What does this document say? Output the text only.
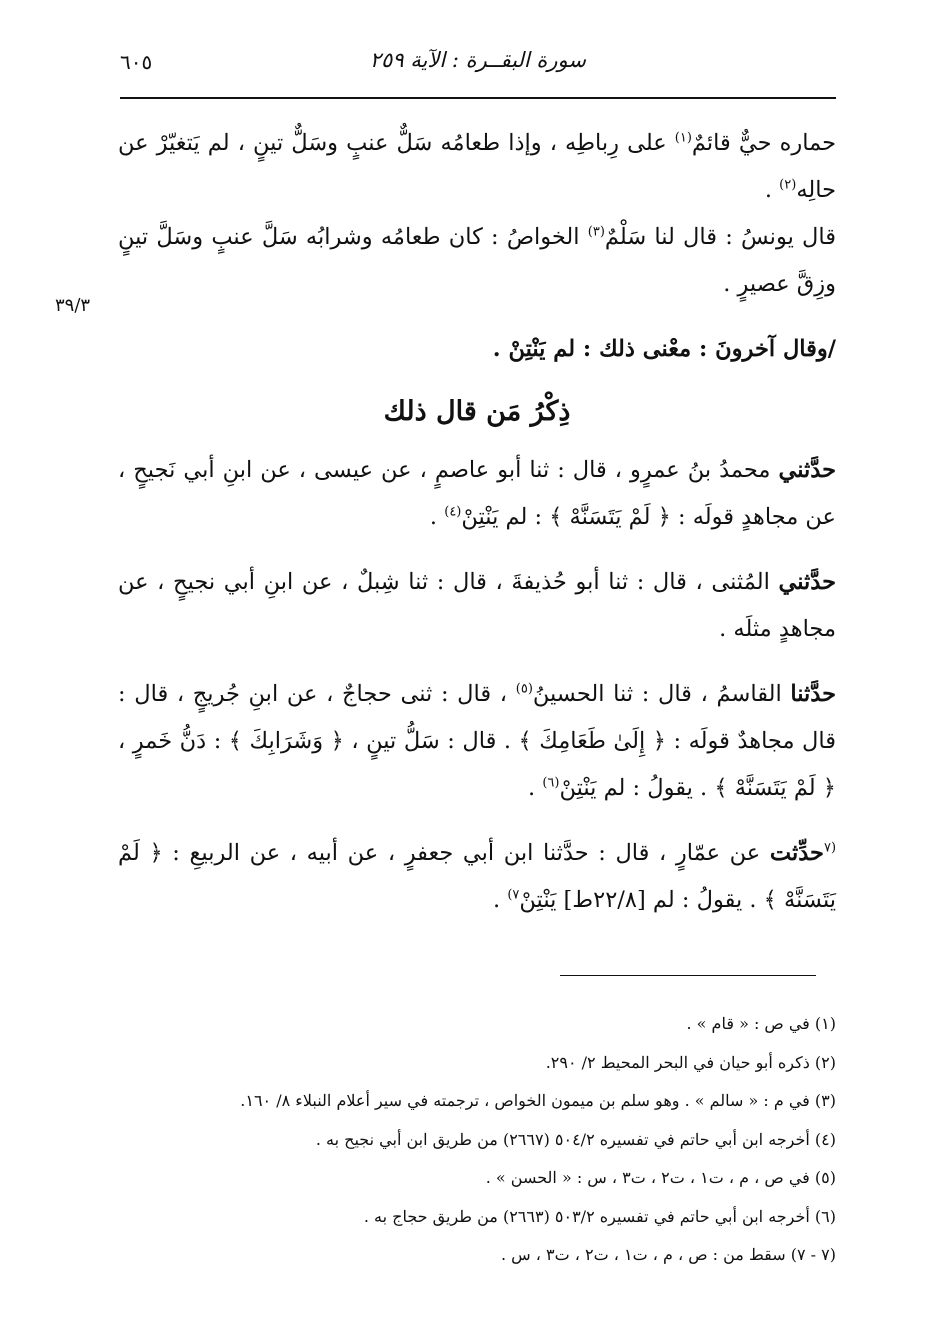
٦٠٥	سورة البقــرة : الآية ٢٥٩
٣٩/٣

حماره حيٌّ قائمٌ$^{(١)}$ على رِباطِه ، وإذا طعامُه سَلٌّ عنبٍ وسَلٌّ تينٍ ، لم يَتغيّرْ عن حالِه$^{(٢)}$ .

قال يونسُ : قال لنا سَلْمٌ$^{(٣)}$ الخواصُ : كان طعامُه وشرابُه سَلَّ عنبٍ وسَلَّ تينٍ وزِقَّ عصيرٍ .

/وقال آخرونَ : معْنى ذلك : لم يَنْتِنْ .

ذِكْرُ مَن قال ذلك

حدَّثني محمدُ بنُ عمرٍو ، قال : ثنا أبو عاصمٍ ، عن عيسى ، عن ابنِ أبي نَجيحٍ ، عن مجاهدٍ قولَه : ﴿ لَمْ يَتَسَنَّهْ ﴾ : لم يَنْتِنْ$^{(٤)}$ .

حدَّثني المُثنى ، قال : ثنا أبو حُذيفةَ ، قال : ثنا شِبلٌ ، عن ابنِ أبي نجيحٍ ، عن مجاهدٍ مثلَه .

حدَّثنا القاسمُ ، قال : ثنا الحسينُ$^{(٥)}$ ، قال : ثنى حجاجٌ ، عن ابنِ جُريجٍ ، قال : قال مجاهدٌ قولَه : ﴿ إِلَىٰ طَعَامِكَ ﴾ . قال : سَلُّ تينٍ ، ﴿ وَشَرَابِكَ ﴾ : دَنُّ خَمرٍ ، ﴿ لَمْ يَتَسَنَّهْ ﴾ . يقولُ : لم يَنْتِنْ$^{(٦)}$ .

$^{(٧}$حدِّثت عن عمّارٍ ، قال : حدَّثنا ابن أبي جعفرٍ ، عن أبيه ، عن الربيعِ : ﴿ لَمْ يَتَسَنَّهْ ﴾ . يقولُ : لم [٢٢/٨ط] يَنْتِنْ$^{٧)}$ .

(١) في ص : « قام » .
(٢) ذكره أبو حيان في البحر المحيط ٢/ ٢٩٠.
(٣) في م : « سالم » . وهو سلم بن ميمون الخواص ، ترجمته في سير أعلام النبلاء ٨/ ١٦٠.
(٤) أخرجه ابن أبي حاتم في تفسيره ٥٠٤/٢ (٢٦٦٧) من طريق ابن أبي نجيح به .
(٥) في ص ، م ، ت١ ، ت٢ ، ت٣ ، س : « الحسن » .
(٦) أخرجه ابن أبي حاتم في تفسيره ٥٠٣/٢ (٢٦٦٣) من طريق حجاج به .
(٧ - ٧) سقط من : ص ، م ، ت١ ، ت٢ ، ت٣ ، س .
